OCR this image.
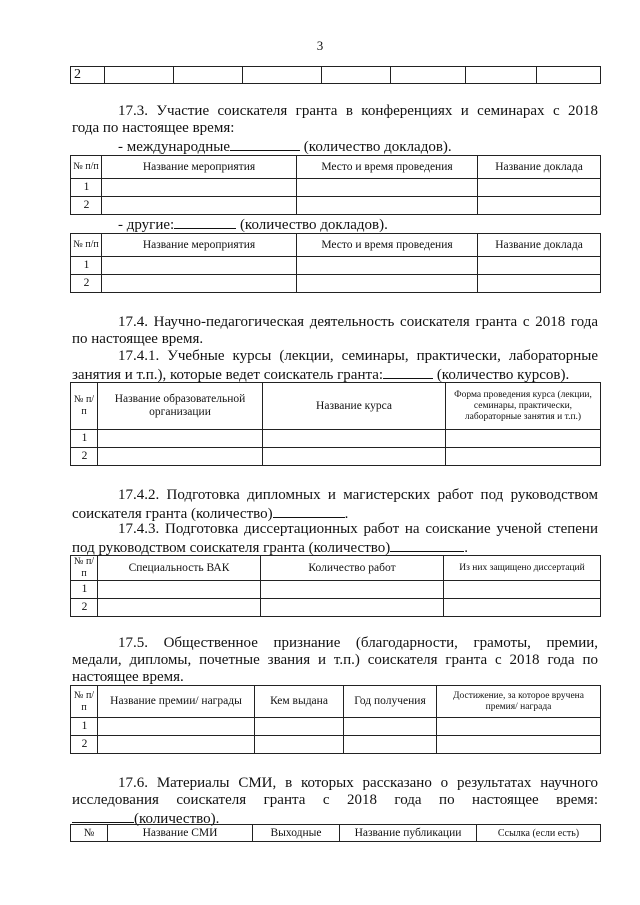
3
2							

17.3. Участие соискателя гранта в конференциях и семинарах с 2018

года по настоящее время:

- международные	(количество докладов).

№ п/п	Название мероприятия	Место и время проведения	Название доклада
1			
2			

- другие:	(количество докладов).

№ п/п	Название мероприятия	Место и время проведения	Название доклада
1			
2			

17.4. Научно-педагогическая деятельность соискателя гранта с 2018 года

по настоящее время.

17.4.1. Учебные курсы (лекции, семинары, практически, лабораторные

занятия и т.п.), которые ведет соискатель гранта:	(количество курсов).

№ п/п	Название образовательной организации	Название курса	Форма проведения курса (лекции, семинары, практически, лабораторные занятия и т.п.)
1			
2			

17.4.2. Подготовка дипломных и магистерских работ под руководством

соискателя гранта (количество)	.

17.4.3. Подготовка диссертационных работ на соискание ученой степени

под руководством соискателя гранта (количество)	.

№ п/п	Специальность ВАК	Количество работ	Из них защищено диссертаций
1			
2			

17.5. Общественное признание (благодарности, грамоты, премии,

медали, дипломы, почетные звания и т.п.) соискателя гранта с 2018 года по

настоящее время.

№ п/п	Название премии/ награды	Кем выдана	Год получения	Достижение, за которое вручена премия/ награда
1				
2				

17.6. Материалы СМИ, в которых рассказано о результатах научного

исследования соискателя гранта с 2018 года по настоящее время:

(количество).

№	Название СМИ	Выходные	Название публикации	Ссылка (если есть)
